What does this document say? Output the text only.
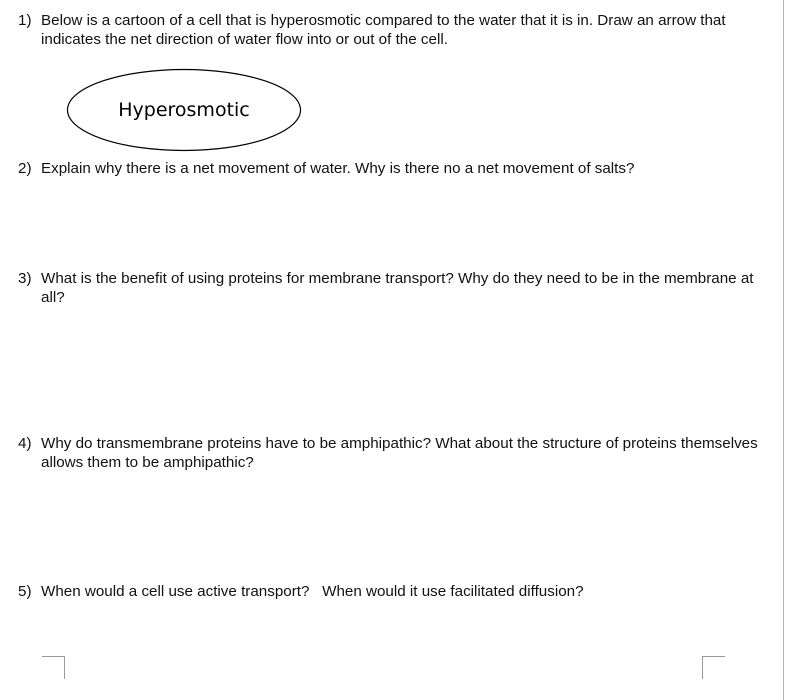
1) Below is a cartoon of a cell that is hyperosmotic compared to the water that it is in. Draw an arrow that indicates the net direction of water flow into or out of the cell.
Hyperosmotic
2) Explain why there is a net movement of water. Why is there no a net movement of salts?
3) What is the benefit of using proteins for membrane transport? Why do they need to be in the membrane at all?
4) Why do transmembrane proteins have to be amphipathic? What about the structure of proteins themselves allows them to be amphipathic?
5) When would a cell use active transport?   When would it use facilitated diffusion?
